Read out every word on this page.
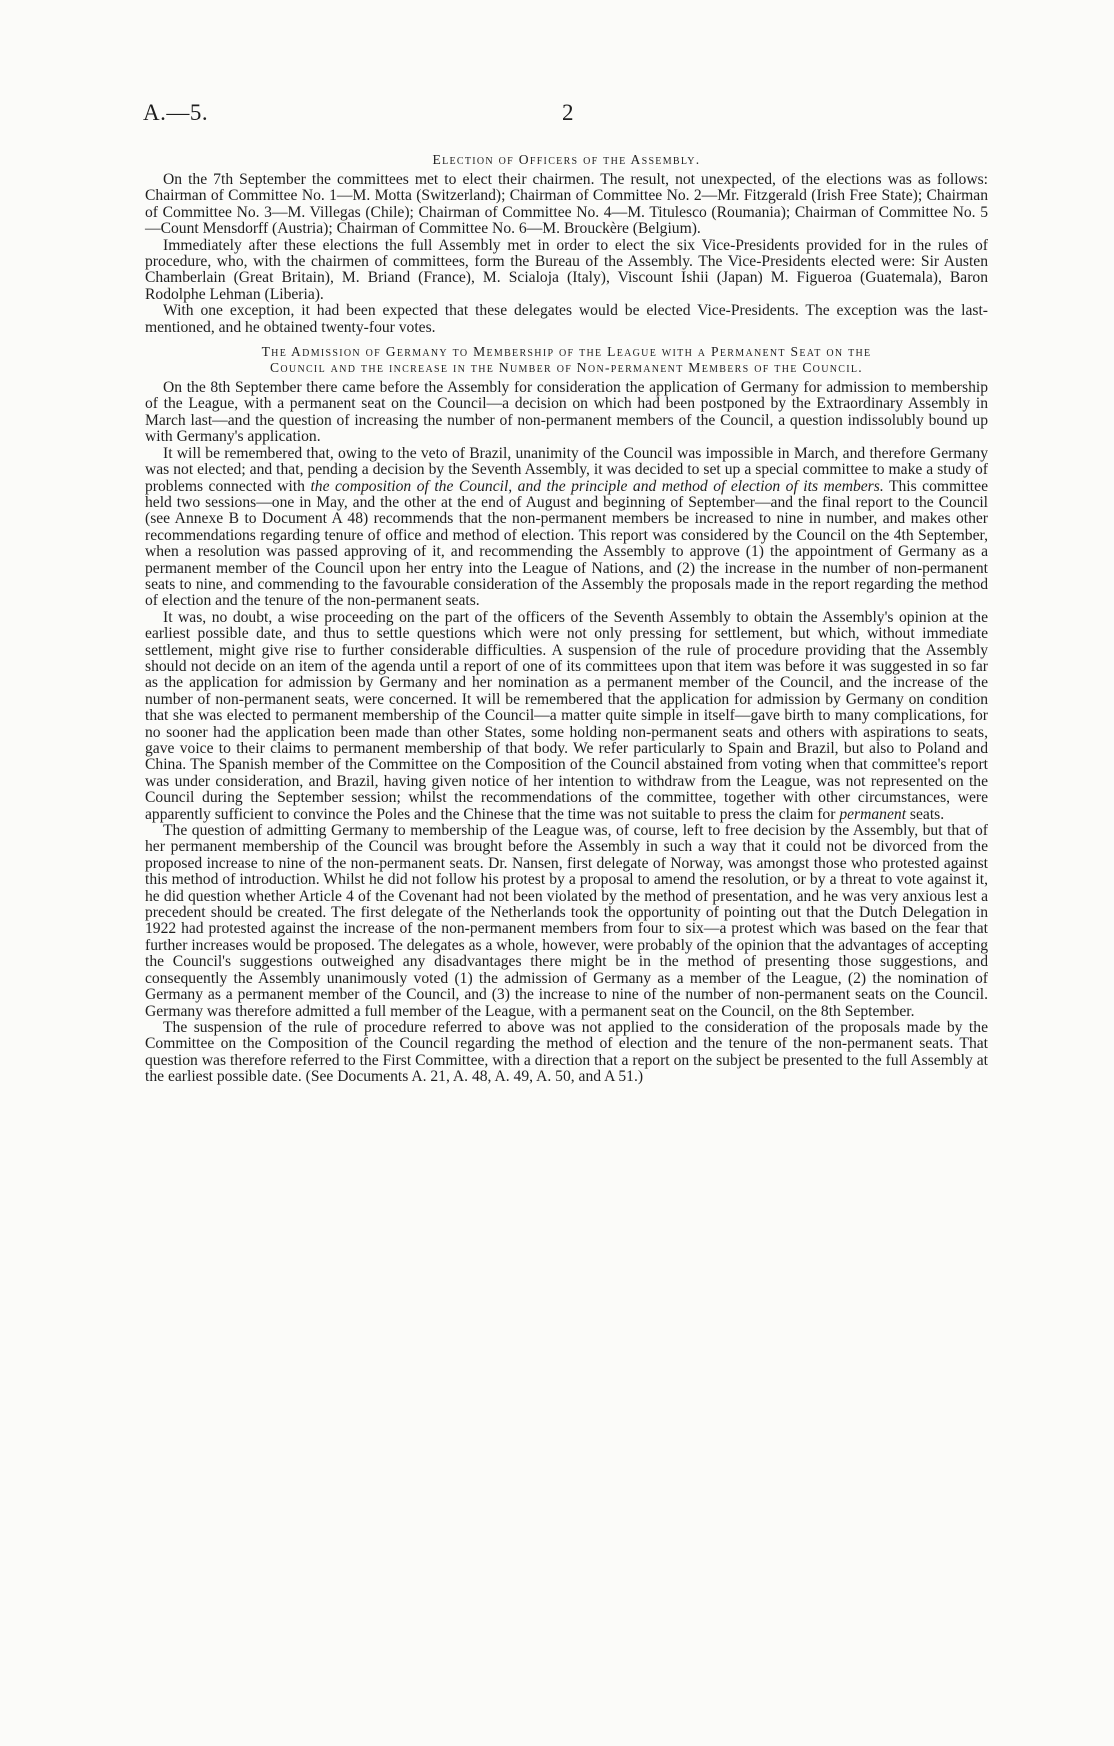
A.—5.	2
Election of Officers of the Assembly.

On the 7th September the committees met to elect their chairmen. The result, not unexpected, of the elections was as follows: Chairman of Committee No. 1—M. Motta (Switzerland); Chairman of Committee No. 2—Mr. Fitzgerald (Irish Free State); Chairman of Committee No. 3—M. Villegas (Chile); Chairman of Committee No. 4—M. Titulesco (Roumania); Chairman of Committee No. 5—Count Mensdorff (Austria); Chairman of Committee No. 6—M. Brouckère (Belgium).

Immediately after these elections the full Assembly met in order to elect the six Vice-Presidents provided for in the rules of procedure, who, with the chairmen of committees, form the Bureau of the Assembly. The Vice-Presidents elected were: Sir Austen Chamberlain (Great Britain), M. Briand (France), M. Scialoja (Italy), Viscount Ishii (Japan) M. Figueroa (Guatemala), Baron Rodolphe Lehman (Liberia).

With one exception, it had been expected that these delegates would be elected Vice-Presidents. The exception was the last-mentioned, and he obtained twenty-four votes.

The Admission of Germany to Membership of the League with a Permanent Seat on the
Council and the increase in the Number of Non-permanent Members of the Council.

On the 8th September there came before the Assembly for consideration the application of Germany for admission to membership of the League, with a permanent seat on the Council—a decision on which had been postponed by the Extraordinary Assembly in March last—and the question of increasing the number of non-permanent members of the Council, a question indissolubly bound up with Germany's application.

It will be remembered that, owing to the veto of Brazil, unanimity of the Council was impossible in March, and therefore Germany was not elected; and that, pending a decision by the Seventh Assembly, it was decided to set up a special committee to make a study of problems connected with the composition of the Council, and the principle and method of election of its members. This committee held two sessions—one in May, and the other at the end of August and beginning of September—and the final report to the Council (see Annexe B to Document A 48) recommends that the non-permanent members be increased to nine in number, and makes other recommendations regarding tenure of office and method of election. This report was considered by the Council on the 4th September, when a resolution was passed approving of it, and recommending the Assembly to approve (1) the appointment of Germany as a permanent member of the Council upon her entry into the League of Nations, and (2) the increase in the number of non-permanent seats to nine, and commending to the favourable consideration of the Assembly the proposals made in the report regarding the method of election and the tenure of the non-permanent seats.

It was, no doubt, a wise proceeding on the part of the officers of the Seventh Assembly to obtain the Assembly's opinion at the earliest possible date, and thus to settle questions which were not only pressing for settlement, but which, without immediate settlement, might give rise to further considerable difficulties. A suspension of the rule of procedure providing that the Assembly should not decide on an item of the agenda until a report of one of its committees upon that item was before it was suggested in so far as the application for admission by Germany and her nomination as a permanent member of the Council, and the increase of the number of non-permanent seats, were concerned. It will be remembered that the application for admission by Germany on condition that she was elected to permanent membership of the Council—a matter quite simple in itself—gave birth to many complications, for no sooner had the application been made than other States, some holding non-permanent seats and others with aspirations to seats, gave voice to their claims to permanent membership of that body. We refer particularly to Spain and Brazil, but also to Poland and China. The Spanish member of the Committee on the Composition of the Council abstained from voting when that committee's report was under consideration, and Brazil, having given notice of her intention to withdraw from the League, was not represented on the Council during the September session; whilst the recommendations of the committee, together with other circumstances, were apparently sufficient to convince the Poles and the Chinese that the time was not suitable to press the claim for permanent seats.

The question of admitting Germany to membership of the League was, of course, left to free decision by the Assembly, but that of her permanent membership of the Council was brought before the Assembly in such a way that it could not be divorced from the proposed increase to nine of the non-permanent seats. Dr. Nansen, first delegate of Norway, was amongst those who protested against this method of introduction. Whilst he did not follow his protest by a proposal to amend the resolution, or by a threat to vote against it, he did question whether Article 4 of the Covenant had not been violated by the method of presentation, and he was very anxious lest a precedent should be created. The first delegate of the Netherlands took the opportunity of pointing out that the Dutch Delegation in 1922 had protested against the increase of the non-permanent members from four to six—a protest which was based on the fear that further increases would be proposed. The delegates as a whole, however, were probably of the opinion that the advantages of accepting the Council's suggestions outweighed any disadvantages there might be in the method of presenting those suggestions, and consequently the Assembly unanimously voted (1) the admission of Germany as a member of the League, (2) the nomination of Germany as a permanent member of the Council, and (3) the increase to nine of the number of non-permanent seats on the Council. Germany was therefore admitted a full member of the League, with a permanent seat on the Council, on the 8th September.

The suspension of the rule of procedure referred to above was not applied to the consideration of the proposals made by the Committee on the Composition of the Council regarding the method of election and the tenure of the non-permanent seats. That question was therefore referred to the First Committee, with a direction that a report on the subject be presented to the full Assembly at the earliest possible date. (See Documents A. 21, A. 48, A. 49, A. 50, and A 51.)
